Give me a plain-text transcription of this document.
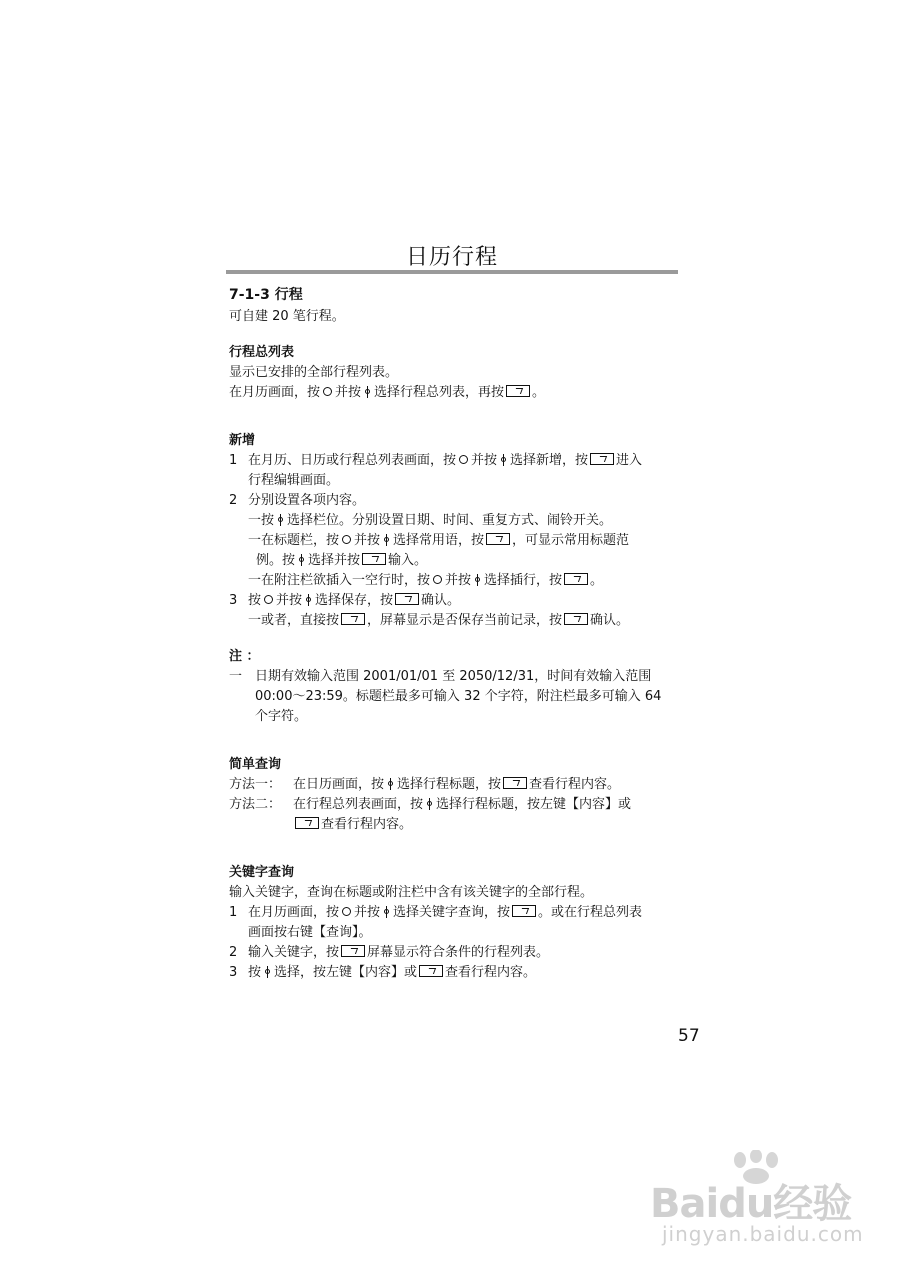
日历行程
7-1-3 行程
可自建 20 笔行程。
行程总列表
显示已安排的全部行程列表。
在月历画面，按 并按 选择行程总列表，再按 。
新增
1 在月历、日历或行程总列表画面，按 并按 选择新增，按 进入
行程编辑画面。
2 分别设置各项内容。
一按 选择栏位。分别设置日期、时间、重复方式、闹铃开关。
一在标题栏，按 并按 选择常用语，按 ，可显示常用标题范
例。按 选择并按 输入。
一在附注栏欲插入一空行时，按 并按 选择插行，按 。
3 按 并按 选择保存，按 确认。
一或者，直接按 ，屏幕显示是否保存当前记录，按 确认。
注 ：
一 日期有效输入范围 2001/01/01 至 2050/12/31，时间有效输入范围
00:00～23:59。标题栏最多可输入 32 个字符，附注栏最多可输入 64
个字符。
简单查询
方法一： 在日历画面，按 选择行程标题，按 查看行程内容。
方法二： 在行程总列表画面，按 选择行程标题，按左键【内容】或
查看行程内容。
关键字查询
输入关键字，查询在标题或附注栏中含有该关键字的全部行程。
1 在月历画面，按 并按 选择关键字查询，按 。或在行程总列表
画面按右键【查询】。
2 输入关键字，按 屏幕显示符合条件的行程列表。
3 按 选择，按左键【内容】或 查看行程内容。
57
Baidu经验
jingyan.baidu.com
